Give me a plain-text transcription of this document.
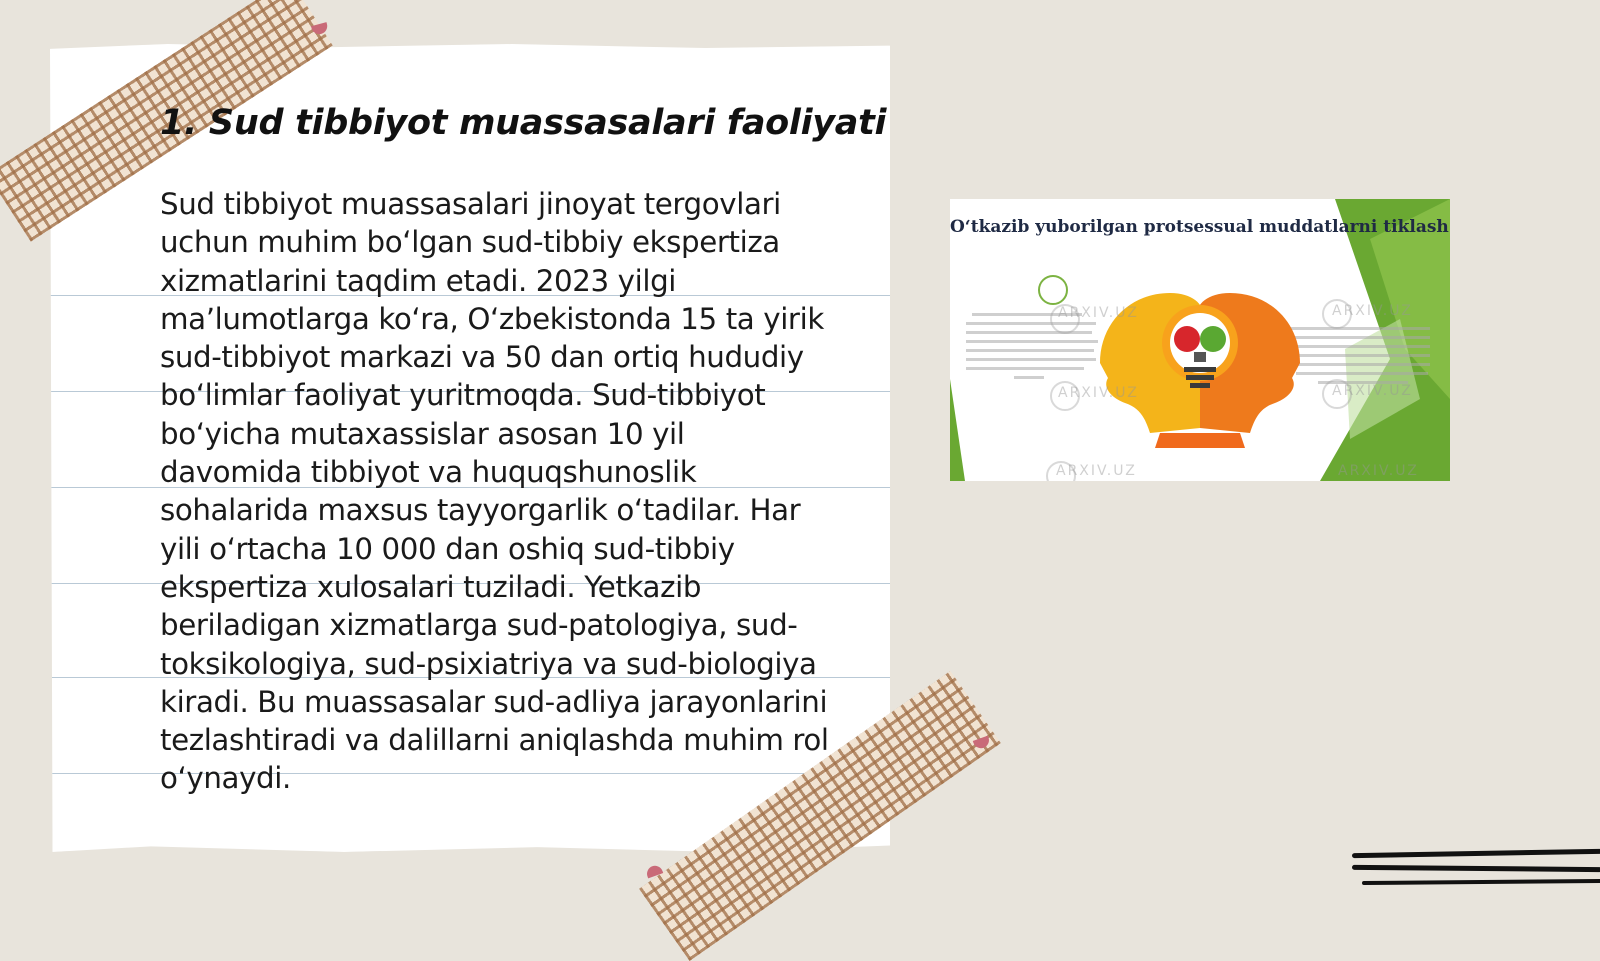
1. Sud tibbiyot muassasalari faoliyati
Sud tibbiyot muassasalari jinoyat tergovlari uchun muhim bo‘lgan sud-tibbiy ekspertiza xizmatlarini taqdim etadi. 2023 yilgi ma’lumotlarga ko‘ra, O‘zbekistonda 15 ta yirik sud-tibbiyot markazi va 50 dan ortiq hududiy bo‘limlar faoliyat yuritmoqda. Sud-tibbiyot bo‘yicha mutaxassislar asosan 10 yil davomida tibbiyot va huquqshunoslik sohalarida maxsus tayyorgarlik o‘tadilar. Har yili o‘rtacha 10 000 dan oshiq sud-tibbiy ekspertiza xulosalari tuziladi. Yetkazib beriladigan xizmatlarga sud-patologiya, sud-toksikologiya, sud-psixiatriya va sud-biologiya kiradi. Bu muassasalar sud-adliya jarayonlarini tezlashtiradi va dalillarni aniqlashda muhim rol o‘ynaydi.
O‘tkazib yuborilgan protsessual muddatlarni tiklash
ARXIV.UZ
ARXIV.UZ
ARXIV.UZ
ARXIV.UZ
ARXIV.UZ	ARXIV.UZ
